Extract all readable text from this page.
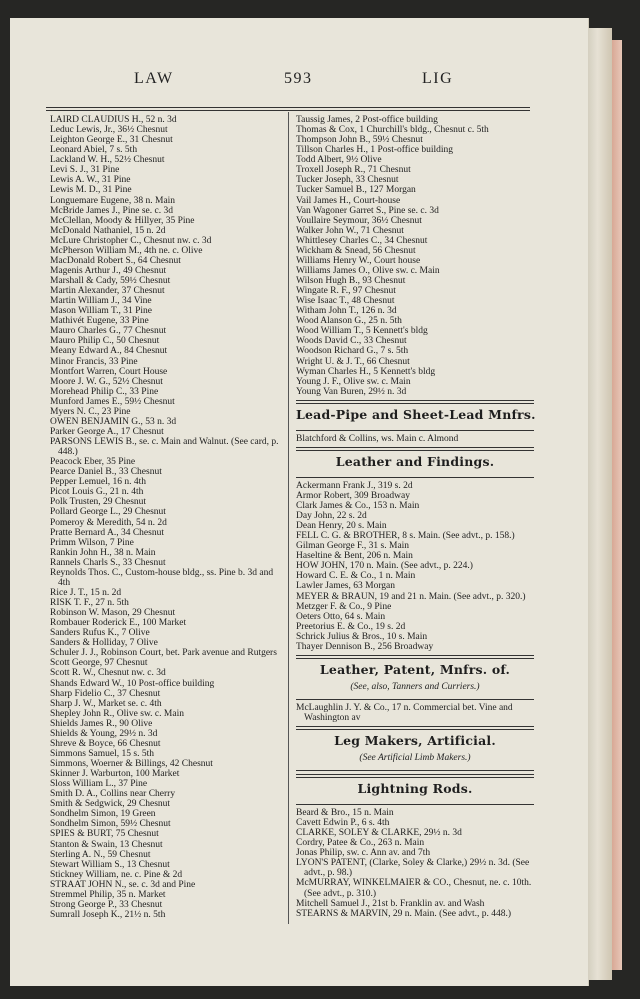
LAW	593	LIG

LAIRD CLAUDIUS H., 52 n. 3d

Leduc Lewis, Jr., 36½ Chesnut

Leighton George E., 31 Chesnut

Leonard Abiel, 7 s. 5th

Lackland W. H., 52½ Chesnut

Levi S. J., 31 Pine

Lewis A. W., 31 Pine

Lewis M. D., 31 Pine

Longuemare Eugene, 38 n. Main

McBride James J., Pine se. c. 3d

McClellan, Moody & Hillyer, 35 Pine

McDonald Nathaniel, 15 n. 2d

McLure Christopher C., Chesnut nw. c. 3d

McPherson William M., 4th ne. c. Olive

MacDonald Robert S., 64 Chesnut

Magenis Arthur J., 49 Chesnut

Marshall & Cady, 59½ Chesnut

Martin Alexander, 37 Chesnut

Martin William J., 34 Vine

Mason William T., 31 Pine

Mathivét Eugene, 33 Pine

Mauro Charles G., 77 Chesnut

Mauro Philip C., 50 Chesnut

Meany Edward A., 84 Chesnut

Minor Francis, 33 Pine

Montfort Warren, Court House

Moore J. W. G., 52½ Chesnut

Morehead Philip C., 33 Pine

Munford James E., 59½ Chesnut

Myers N. C., 23 Pine

OWEN BENJAMIN G., 53 n. 3d

Parker George A., 17 Chesnut

PARSONS LEWIS B., se. c. Main and Walnut. (See card, p. 448.)

Peacock Eber, 35 Pine

Pearce Daniel B., 33 Chesnut

Pepper Lemuel, 16 n. 4th

Picot Louis G., 21 n. 4th

Polk Trusten, 29 Chesnut

Pollard George L., 29 Chesnut

Pomeroy & Meredith, 54 n. 2d

Pratte Bernard A., 34 Chesnut

Primm Wilson, 7 Pine

Rankin John H., 38 n. Main

Rannels Charls S., 33 Chesnut

Reynolds Thos. C., Custom-house bldg., ss. Pine b. 3d and 4th

Rice J. T., 15 n. 2d

RISK T. F., 27 n. 5th

Robinson W. Mason, 29 Chesnut

Rombauer Roderick E., 100 Market

Sanders Rufus K., 7 Olive

Sanders & Holliday, 7 Olive

Schuler J. J., Robinson Court, bet. Park avenue and Rutgers

Scott George, 97 Chesnut

Scott R. W., Chesnut nw. c. 3d

Shands Edward W., 10 Post-office building

Sharp Fidelio C., 37 Chesnut

Sharp J. W., Market se. c. 4th

Shepley John R., Olive sw. c. Main

Shields James R., 90 Olive

Shields & Young, 29½ n. 3d

Shreve & Boyce, 66 Chesnut

Simmons Samuel, 15 s. 5th

Simmons, Woerner & Billings, 42 Chesnut

Skinner J. Warburton, 100 Market

Sloss William L., 37 Pine

Smith D. A., Collins near Cherry

Smith & Sedgwick, 29 Chesnut

Sondhelm Simon, 19 Green

Sondhelm Simon, 59½ Chesnut

SPIES & BURT, 75 Chesnut

Stanton & Swain, 13 Chesnut

Sterling A. N., 59 Chesnut

Stewart William S., 13 Chesnut

Stickney William, ne. c. Pine & 2d

STRAAT JOHN N., se. c. 3d and Pine

Stremmel Philip, 35 n. Market

Strong George P., 33 Chesnut

Sumrall Joseph K., 21½ n. 5th

Taussig James, 2 Post-office building

Thomas & Cox, 1 Churchill's bldg., Chesnut c. 5th

Thompson John B., 59½ Chesnut

Tillson Charles H., 1 Post-office building

Todd Albert, 9½ Olive

Troxell Joseph R., 71 Chesnut

Tucker Joseph, 33 Chesnut

Tucker Samuel B., 127 Morgan

Vail James H., Court-house

Van Wagoner Garret S., Pine se. c. 3d

Voullaire Seymour, 36½ Chesnut

Walker John W., 71 Chesnut

Whittlesey Charles C., 34 Chesnut

Wickham & Snead, 56 Chesnut

Williams Henry W., Court house

Williams James O., Olive sw. c. Main

Wilson Hugh B., 93 Chesnut

Wingate R. F., 97 Chesnut

Wise Isaac T., 48 Chesnut

Witham John T., 126 n. 3d

Wood Alanson G., 25 n. 5th

Wood William T., 5 Kennett's bldg

Woods David C., 33 Chesnut

Woodson Richard G., 7 s. 5th

Wright U. & J. T., 66 Chesnut

Wyman Charles H., 5 Kennett's bldg

Young J. F., Olive sw. c. Main

Young Van Buren, 29½ n. 3d

Lead-Pipe and Sheet-Lead Mnfrs.

Blatchford & Collins, ws. Main c. Almond

Leather and Findings.

Ackermann Frank J., 319 s. 2d

Armor Robert, 309 Broadway

Clark James & Co., 153 n. Main

Day John, 22 s. 2d

Dean Henry, 20 s. Main

FELL C. G. & BROTHER, 8 s. Main. (See advt., p. 158.)

Gilman George F., 31 s. Main

Haseltine & Bent, 206 n. Main

HOW JOHN, 170 n. Main. (See advt., p. 224.)

Howard C. E. & Co., 1 n. Main

Lawler James, 63 Morgan

MEYER & BRAUN, 19 and 21 n. Main. (See advt., p. 320.)

Metzger F. & Co., 9 Pine

Oeters Otto, 64 s. Main

Preetorius E. & Co., 19 s. 2d

Schrick Julius & Bros., 10 s. Main

Thayer Dennison B., 256 Broadway

Leather, Patent, Mnfrs. of.

(See, also, Tanners and Curriers.)

McLaughlin J. Y. & Co., 17 n. Commercial bet. Vine and Washington av

Leg Makers, Artificial.

(See Artificial Limb Makers.)

Lightning Rods.

Beard & Bro., 15 n. Main

Cavett Edwin P., 6 s. 4th

CLARKE, SOLEY & CLARKE, 29½ n. 3d

Cordry, Patee & Co., 263 n. Main

Jonas Philip, sw. c. Ann av. and 7th

LYON'S PATENT, (Clarke, Soley & Clarke,) 29½ n. 3d. (See advt., p. 98.)

McMURRAY, WINKELMAIER & CO., Chesnut, ne. c. 10th. (See advt., p. 310.)

Mitchell Samuel J., 21st b. Franklin av. and Wash

STEARNS & MARVIN, 29 n. Main. (See advt., p. 448.)
